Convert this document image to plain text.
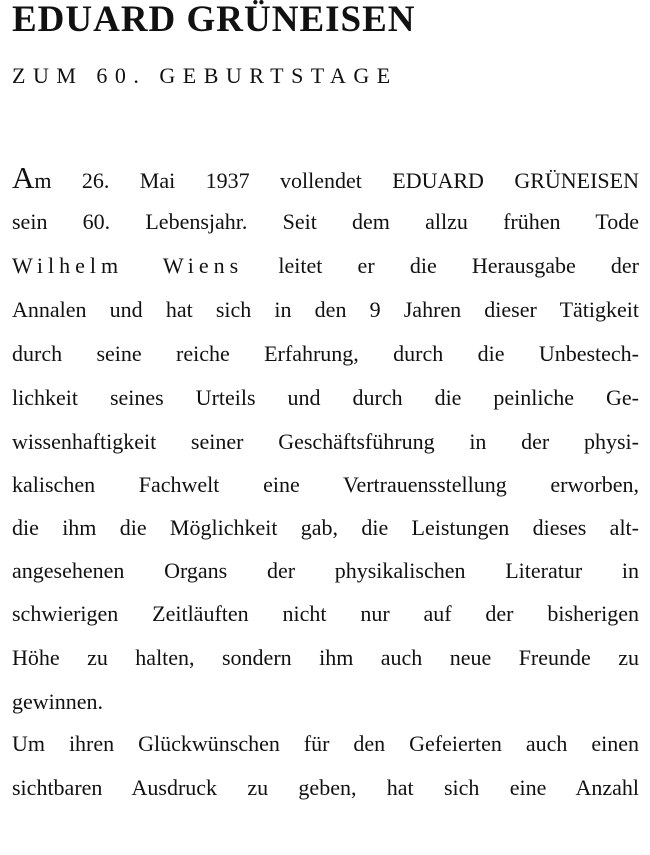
EDUARD GRÜNEISEN
ZUM 60. GEBURTSTAGE

Am 26. Mai 1937 vollendet EDUARD GRÜNEISEN

sein 60. Lebensjahr. Seit dem allzu frühen Tode

Wilhelm Wiens leitet er die Herausgabe der

Annalen und hat sich in den 9 Jahren dieser Tätigkeit

durch seine reiche Erfahrung, durch die Unbestech-

lichkeit seines Urteils und durch die peinliche Ge-

wissenhaftigkeit seiner Geschäftsführung in der physi-

kalischen Fachwelt eine Vertrauensstellung erworben,

die ihm die Möglichkeit gab, die Leistungen dieses alt-

angesehenen Organs der physikalischen Literatur in

schwierigen Zeitläuften nicht nur auf der bisherigen

Höhe zu halten, sondern ihm auch neue Freunde zu

gewinnen.

Um ihren Glückwünschen für den Gefeierten auch einen

sichtbaren Ausdruck zu geben, hat sich eine Anzahl
